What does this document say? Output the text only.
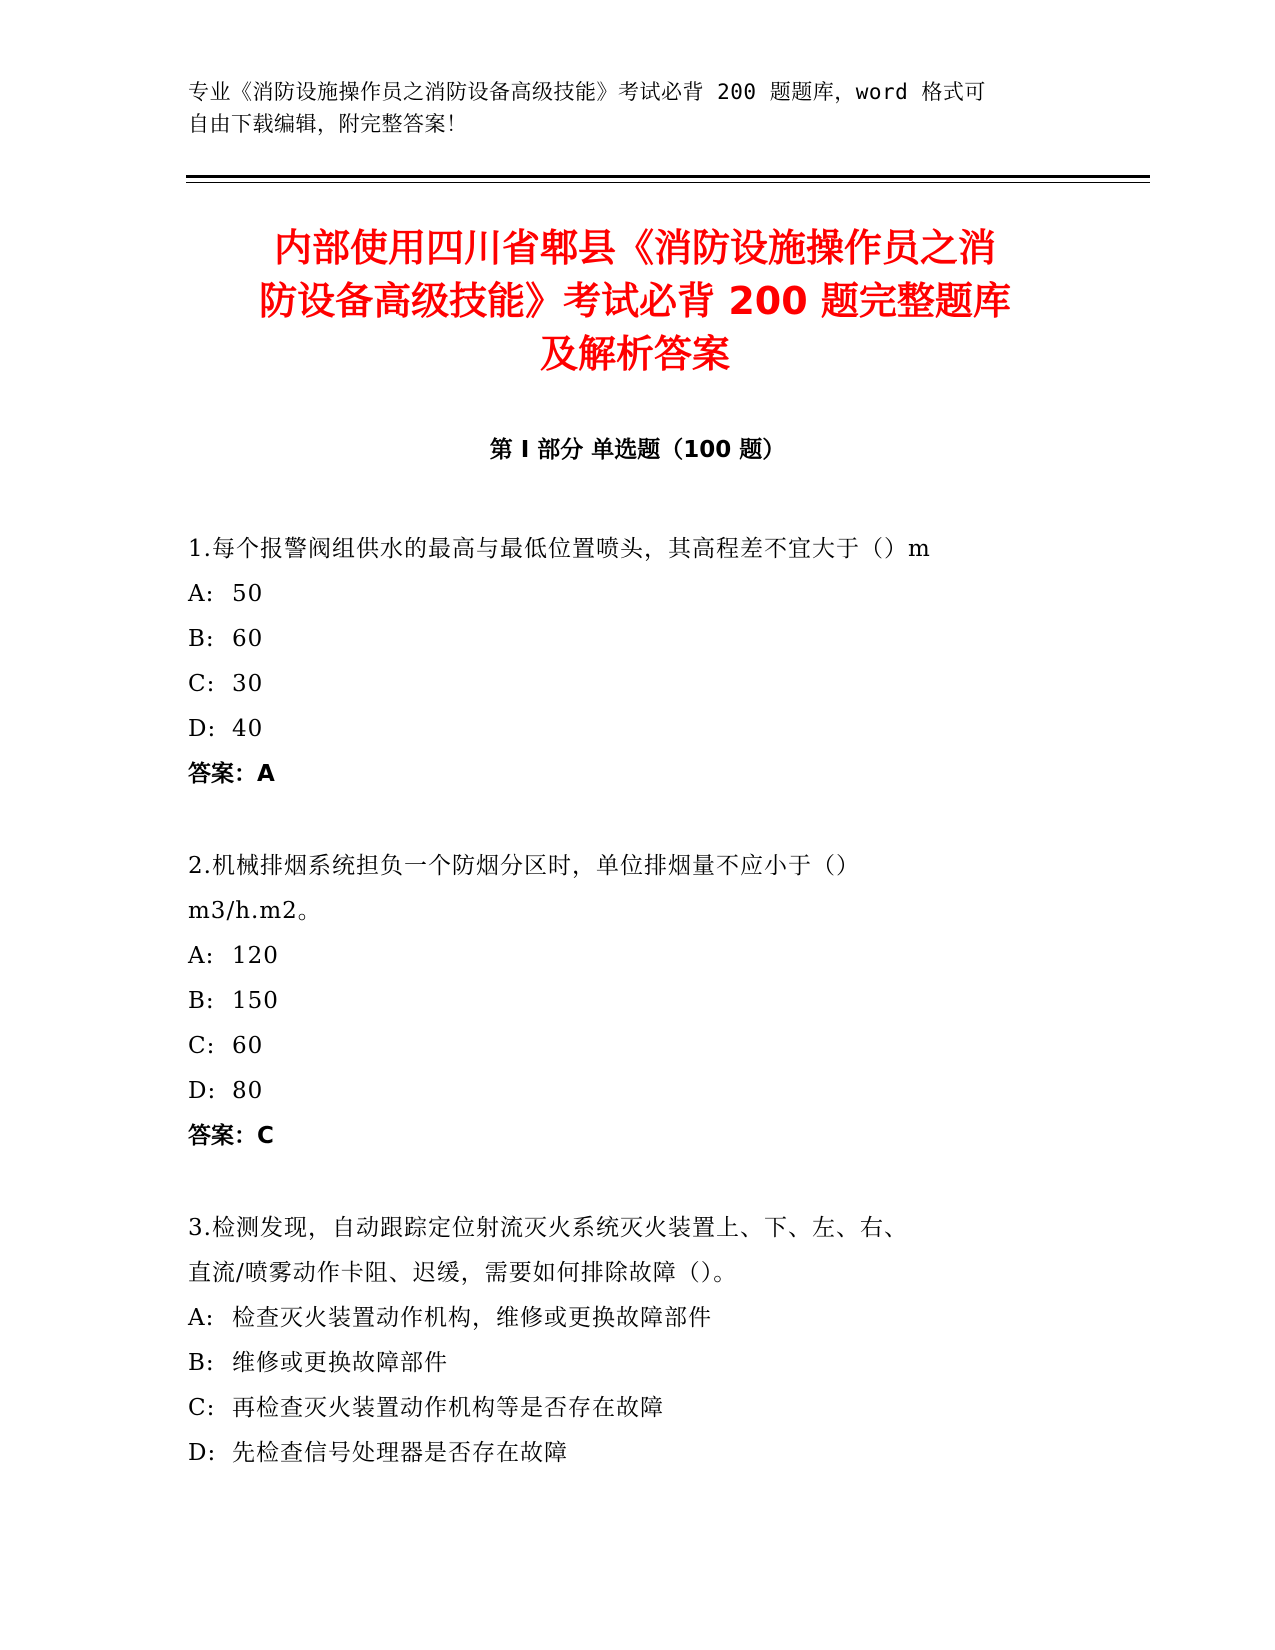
专业《消防设施操作员之消防设备高级技能》考试必背 200 题题库，word 格式可
自由下载编辑，附完整答案！
内部使用四川省郫县《消防设施操作员之消
防设备高级技能》考试必背 200 题完整题库
及解析答案
第 I 部分 单选题（100 题）
1.每个报警阀组供水的最高与最低位置喷头，其高程差不宜大于（）m
A: 50
B: 60
C: 30
D: 40
答案：A
2.机械排烟系统担负一个防烟分区时，单位排烟量不应小于（）
m3/h.m2。
A: 120
B: 150
C: 60
D: 80
答案：C
3.检测发现，自动跟踪定位射流灭火系统灭火装置上、下、左、右、
直流/喷雾动作卡阻、迟缓，需要如何排除故障（）。
A: 检查灭火装置动作机构，维修或更换故障部件
B: 维修或更换故障部件
C: 再检查灭火装置动作机构等是否存在故障
D: 先检查信号处理器是否存在故障
